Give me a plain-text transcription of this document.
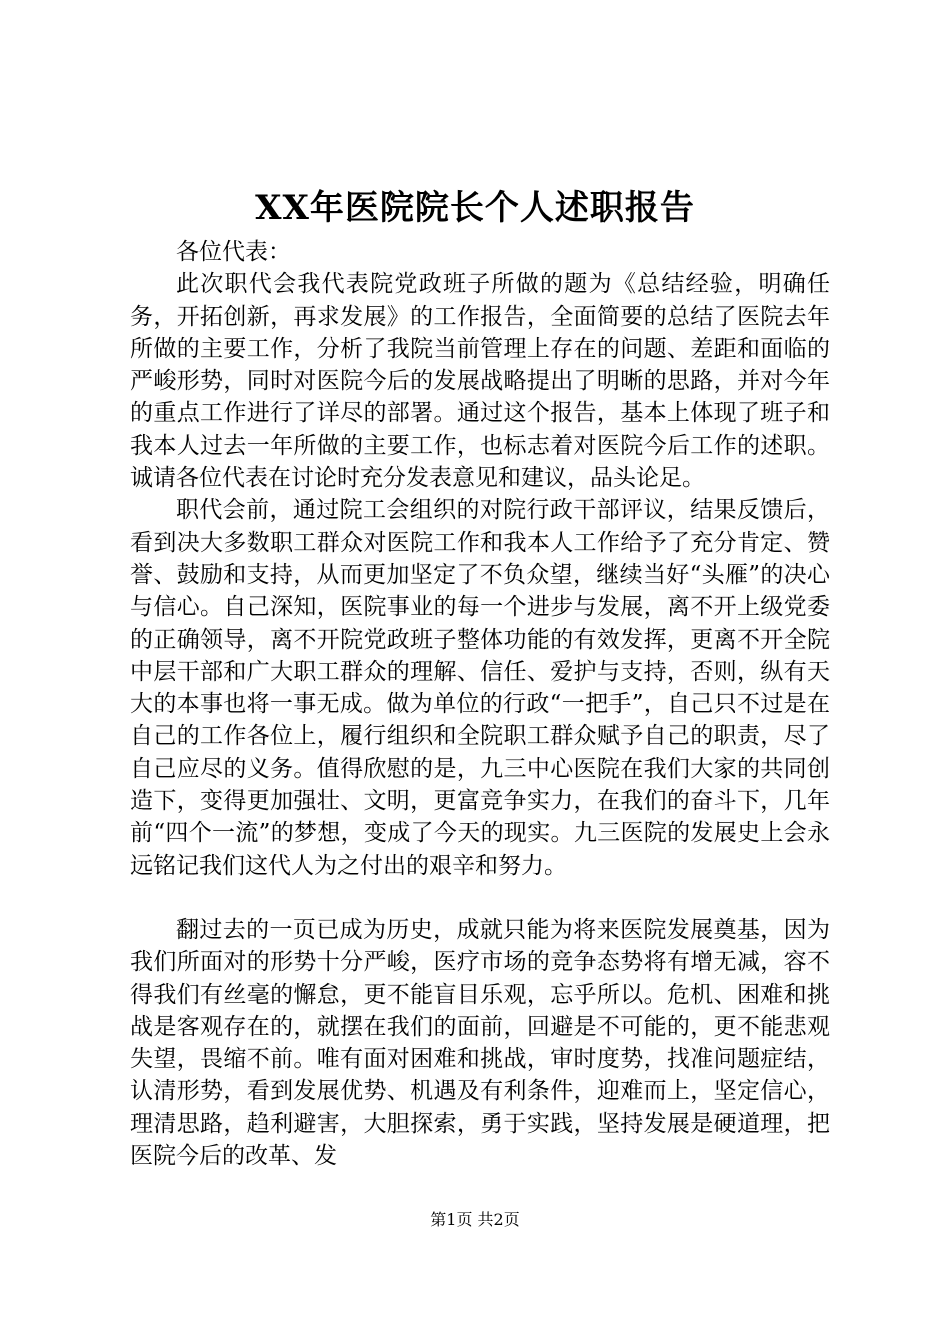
XX年医院院长个人述职报告

各位代表：

此次职代会我代表院党政班子所做的题为《总结经验，明确任务，开拓创新，再求发展》的工作报告，全面简要的总结了医院去年所做的主要工作，分析了我院当前管理上存在的问题、差距和面临的严峻形势，同时对医院今后的发展战略提出了明晰的思路，并对今年的重点工作进行了详尽的部署。通过这个报告，基本上体现了班子和我本人过去一年所做的主要工作，也标志着对医院今后工作的述职。诚请各位代表在讨论时充分发表意见和建议，品头论足。

职代会前，通过院工会组织的对院行政干部评议，结果反馈后，看到决大多数职工群众对医院工作和我本人工作给予了充分肯定、赞誉、鼓励和支持，从而更加坚定了不负众望，继续当好“头雁”的决心与信心。自己深知，医院事业的每一个进步与发展，离不开上级党委的正确领导，离不开院党政班子整体功能的有效发挥，更离不开全院中层干部和广大职工群众的理解、信任、爱护与支持，否则，纵有天大的本事也将一事无成。做为单位的行政“一把手”，自己只不过是在自己的工作各位上，履行组织和全院职工群众赋予自己的职责，尽了自己应尽的义务。值得欣慰的是，九三中心医院在我们大家的共同创造下，变得更加强壮、文明，更富竞争实力，在我们的奋斗下，几年前“四个一流”的梦想，变成了今天的现实。九三医院的发展史上会永远铭记我们这代人为之付出的艰辛和努力。

翻过去的一页已成为历史，成就只能为将来医院发展奠基，因为我们所面对的形势十分严峻，医疗市场的竞争态势将有增无减，容不得我们有丝毫的懈怠，更不能盲目乐观，忘乎所以。危机、困难和挑战是客观存在的，就摆在我们的面前，回避是不可能的，更不能悲观失望，畏缩不前。唯有面对困难和挑战，审时度势，找准问题症结，认清形势，看到发展优势、机遇及有利条件，迎难而上，坚定信心，理清思路，趋利避害，大胆探索，勇于实践，坚持发展是硬道理，把医院今后的改革、发

第1页 共2页
